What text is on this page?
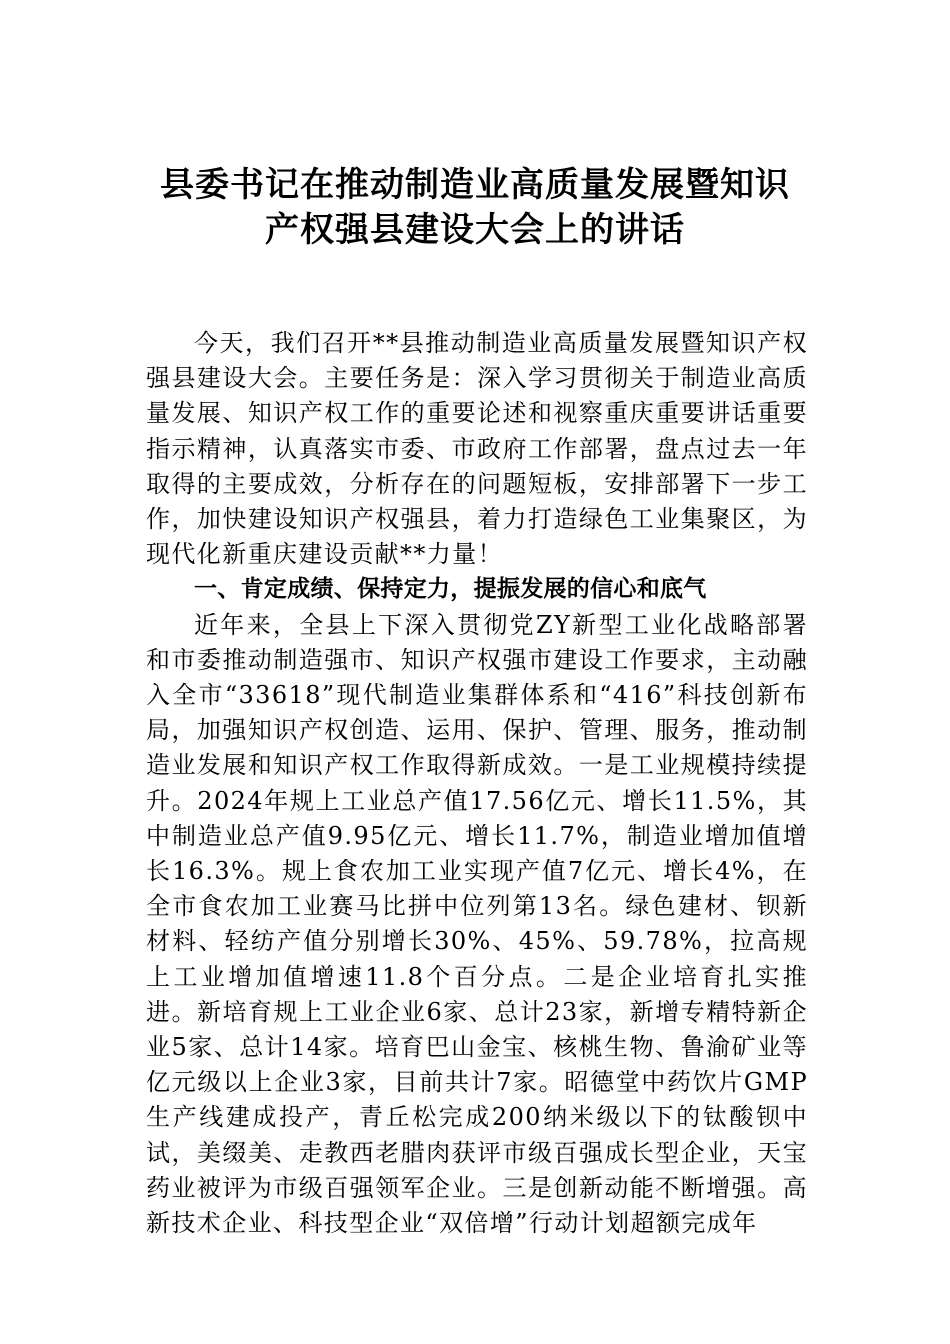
县委书记在推动制造业高质量发展暨知识
产权强县建设大会上的讲话

今天，我们召开**县推动制造业高质量发展暨知识产权强县建设大会。主要任务是：深入学习贯彻关于制造业高质量发展、知识产权工作的重要论述和视察重庆重要讲话重要指示精神，认真落实市委、市政府工作部署，盘点过去一年取得的主要成效，分析存在的问题短板，安排部署下一步工作，加快建设知识产权强县，着力打造绿色工业集聚区，为现代化新重庆建设贡献**力量！

一、肯定成绩、保持定力，提振发展的信心和底气

近年来，全县上下深入贯彻党ZY新型工业化战略部署和市委推动制造强市、知识产权强市建设工作要求，主动融入全市“33618”现代制造业集群体系和“416”科技创新布局，加强知识产权创造、运用、保护、管理、服务，推动制造业发展和知识产权工作取得新成效。一是工业规模持续提升。2024年规上工业总产值17.56亿元、增长11.5%，其中制造业总产值9.95亿元、增长11.7%，制造业增加值增长16.3%。规上食农加工业实现产值7亿元、增长4%，在全市食农加工业赛马比拼中位列第13名。绿色建材、钡新材料、轻纺产值分别增长30%、45%、59.78%，拉高规上工业增加值增速11.8个百分点。二是企业培育扎实推进。新培育规上工业企业6家、总计23家，新增专精特新企业5家、总计14家。培育巴山金宝、核桃生物、鲁渝矿业等亿元级以上企业3家，目前共计7家。昭德堂中药饮片GMP生产线建成投产，青丘松完成200纳米级以下的钛酸钡中试，美缀美、走教西老腊肉获评市级百强成长型企业，天宝药业被评为市级百强领军企业。三是创新动能不断增强。高新技术企业、科技型企业“双倍增”行动计划超额完成年
